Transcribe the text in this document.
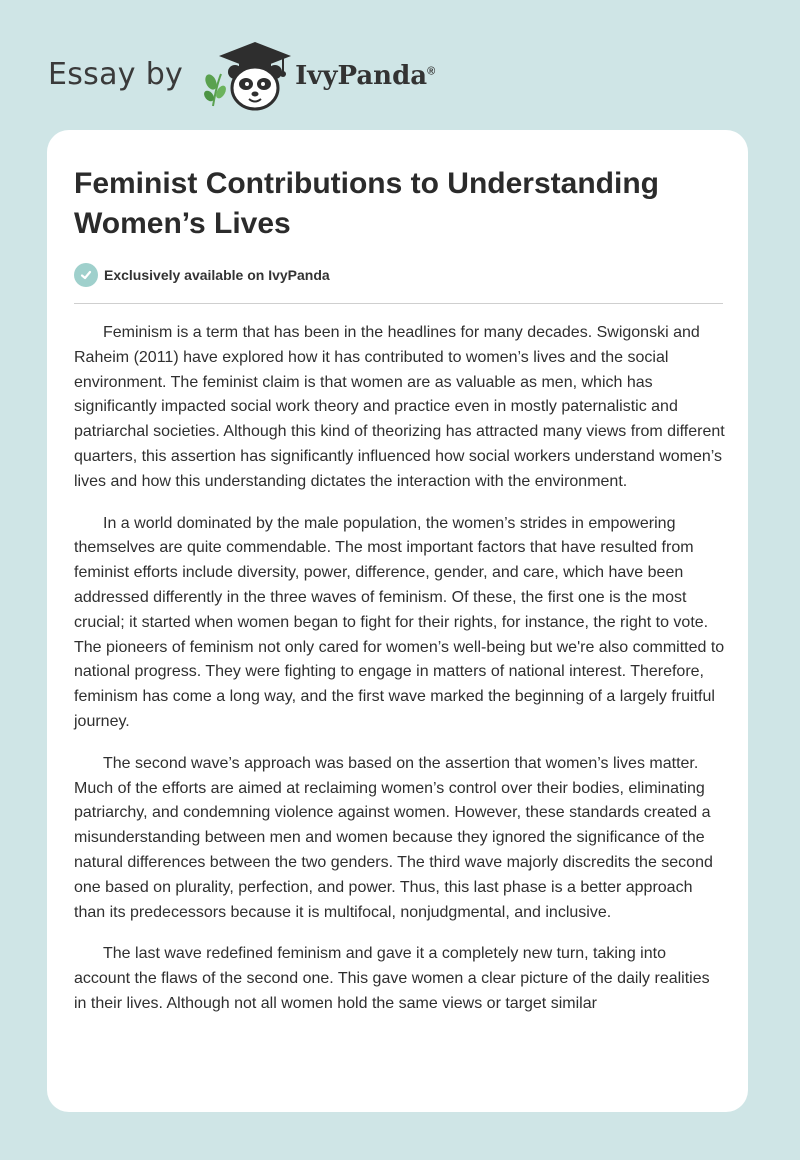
Essay by	IvyPanda®
Feminist Contributions to Understanding Women’s Lives
Exclusively available on IvyPanda

Feminism is a term that has been in the headlines for many decades. Swigonski and Raheim (2011) have explored how it has contributed to women’s lives and the social environment. The feminist claim is that women are as valuable as men, which has significantly impacted social work theory and practice even in mostly paternalistic and patriarchal societies. Although this kind of theorizing has attracted many views from different quarters, this assertion has significantly influenced how social workers understand women’s lives and how this understanding dictates the interaction with the environment.

In a world dominated by the male population, the women’s strides in empowering themselves are quite commendable. The most important factors that have resulted from feminist efforts include diversity, power, difference, gender, and care, which have been addressed differently in the three waves of feminism. Of these, the first one is the most crucial; it started when women began to fight for their rights, for instance, the right to vote. The pioneers of feminism not only cared for women’s well-being but we're also committed to national progress. They were fighting to engage in matters of national interest. Therefore, feminism has come a long way, and the first wave marked the beginning of a largely fruitful journey.

The second wave’s approach was based on the assertion that women’s lives matter. Much of the efforts are aimed at reclaiming women’s control over their bodies, eliminating patriarchy, and condemning violence against women. However, these standards created a misunderstanding between men and women because they ignored the significance of the natural differences between the two genders. The third wave majorly discredits the second one based on plurality, perfection, and power. Thus, this last phase is a better approach than its predecessors because it is multifocal, nonjudgmental, and inclusive.

The last wave redefined feminism and gave it a completely new turn, taking into account the flaws of the second one. This gave women a clear picture of the daily realities in their lives. Although not all women hold the same views or target similar
